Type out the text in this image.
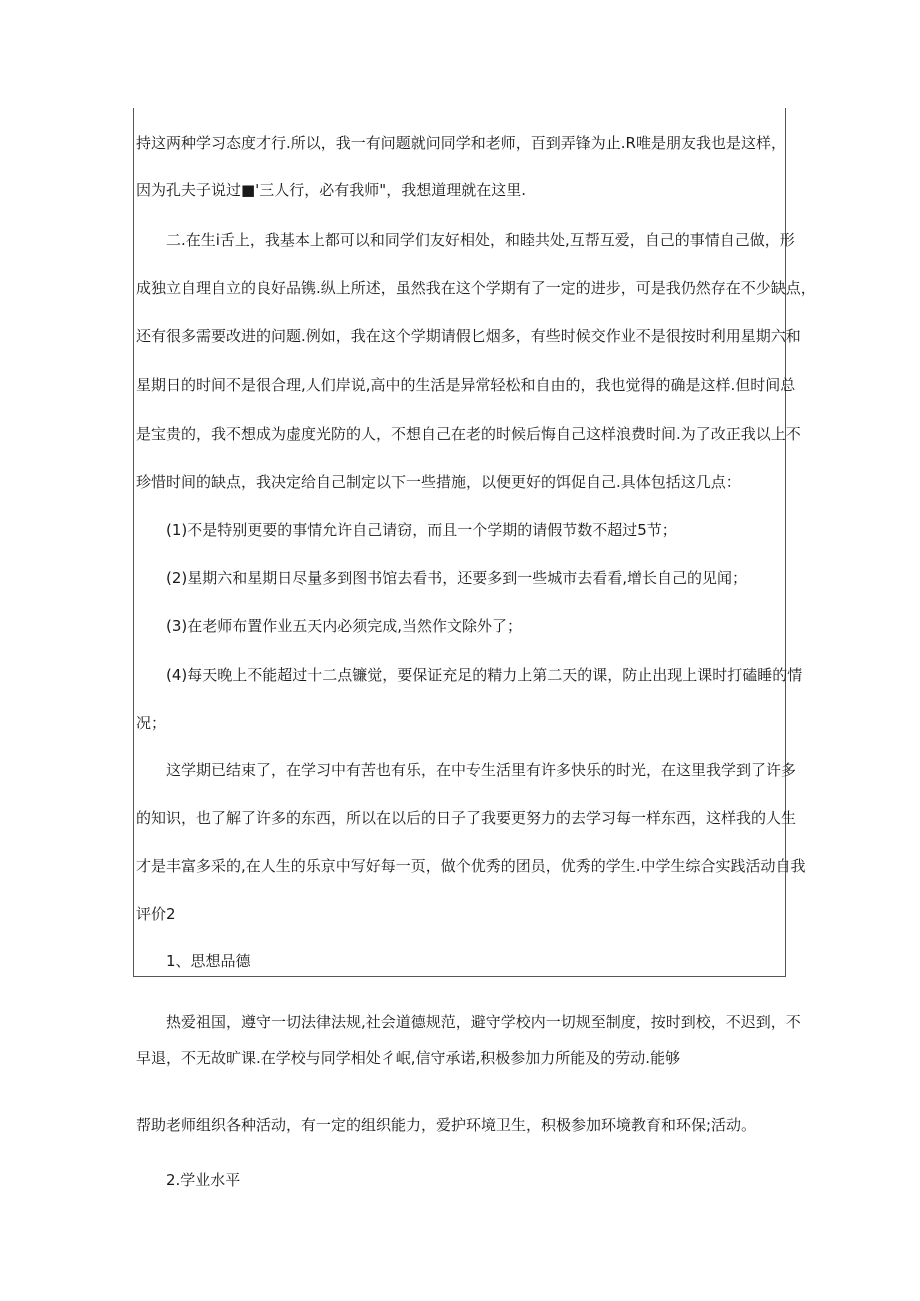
持这两种学习态度才行.所以，我一有问题就问同学和老师，百到弄锋为止.R唯是朋友我也是这样，
因为孔夫子说过■'三人行，必有我师"，我想道理就在这里.
二.在生i舌上，我基本上都可以和同学们友好相处，和睦共处,互帮互爱，自己的事情自己做，形
成独立自理自立的良好品镌.纵上所述，虽然我在这个学期有了一定的进步，可是我仍然存在不少缺点，
还有很多需要改进的问题.例如，我在这个学期请假匕烟多，有些时候交作业不是很按时利用星期六和
星期日的时间不是很合理,人们岸说,高中的生活是异常轻松和自由的，我也觉得的确是这样.但时间总
是宝贵的，我不想成为虚度光防的人，不想自己在老的时候后悔自己这样浪费时间.为了改正我以上不
珍惜时间的缺点，我决定给自己制定以下一些措施，以便更好的饵促自己.具体包括这几点：
(1)不是特别更要的事情允许自己请窃，而且一个学期的请假节数不超过5节；
(2)星期六和星期日尽量多到图书馆去看书，还要多到一些城市去看看,增长自己的见闻；
(3)在老师布置作业五天内必须完成,当然作文除外了；
(4)每天晚上不能超过十二点镰觉，要保证充足的精力上第二天的课，防止出现上课时打磕睡的情
况；
这学期已结束了，在学习中有苦也有乐，在中专生活里有许多快乐的时光，在这里我学到了许多
的知识，也了解了许多的东西，所以在以后的日子了我要更努力的去学习每一样东西，这样我的人生
才是丰富多采的,在人生的乐京中写好每一页，做个优秀的团员，优秀的学生.中学生综合实践活动自我
评价2
1、思想品德
热爱祖国，遵守一切法律法规,社会道德规范，避守学校内一切规至制度，按时到校，不迟到，不
早退，不无故旷课.在学校与同学相处彳岷,信守承诺,积极参加力所能及的劳动.能够
帮助老师组织各种活动，有一定的组织能力，爱护环境卫生，积极参加环境教育和环保;活动。
2.学业水平
